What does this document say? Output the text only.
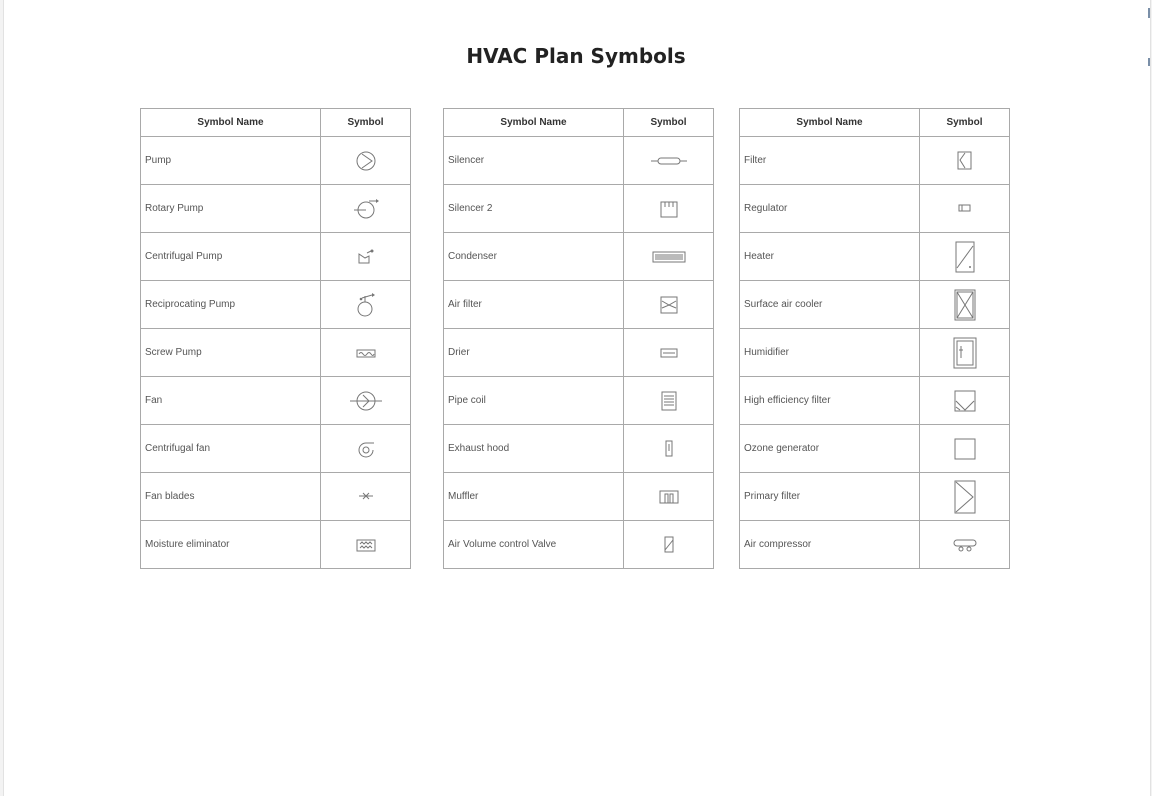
HVAC Plan Symbols
Symbol Name	Symbol
Pump	
Rotary Pump	
Centrifugal Pump	
Reciprocating Pump	
Screw Pump	
Fan	
Centrifugal fan	
Fan blades	
Moisture eliminator	
Symbol Name	Symbol
Silencer	
Silencer 2	
Condenser	
Air filter	
Drier	
Pipe coil	
Exhaust hood	
Muffler	
Air Volume control Valve	
Symbol Name	Symbol
Filter	
Regulator	
Heater	
Surface air cooler	
Humidifier	
High efficiency filter	
Ozone generator	
Primary filter	
Air compressor	
